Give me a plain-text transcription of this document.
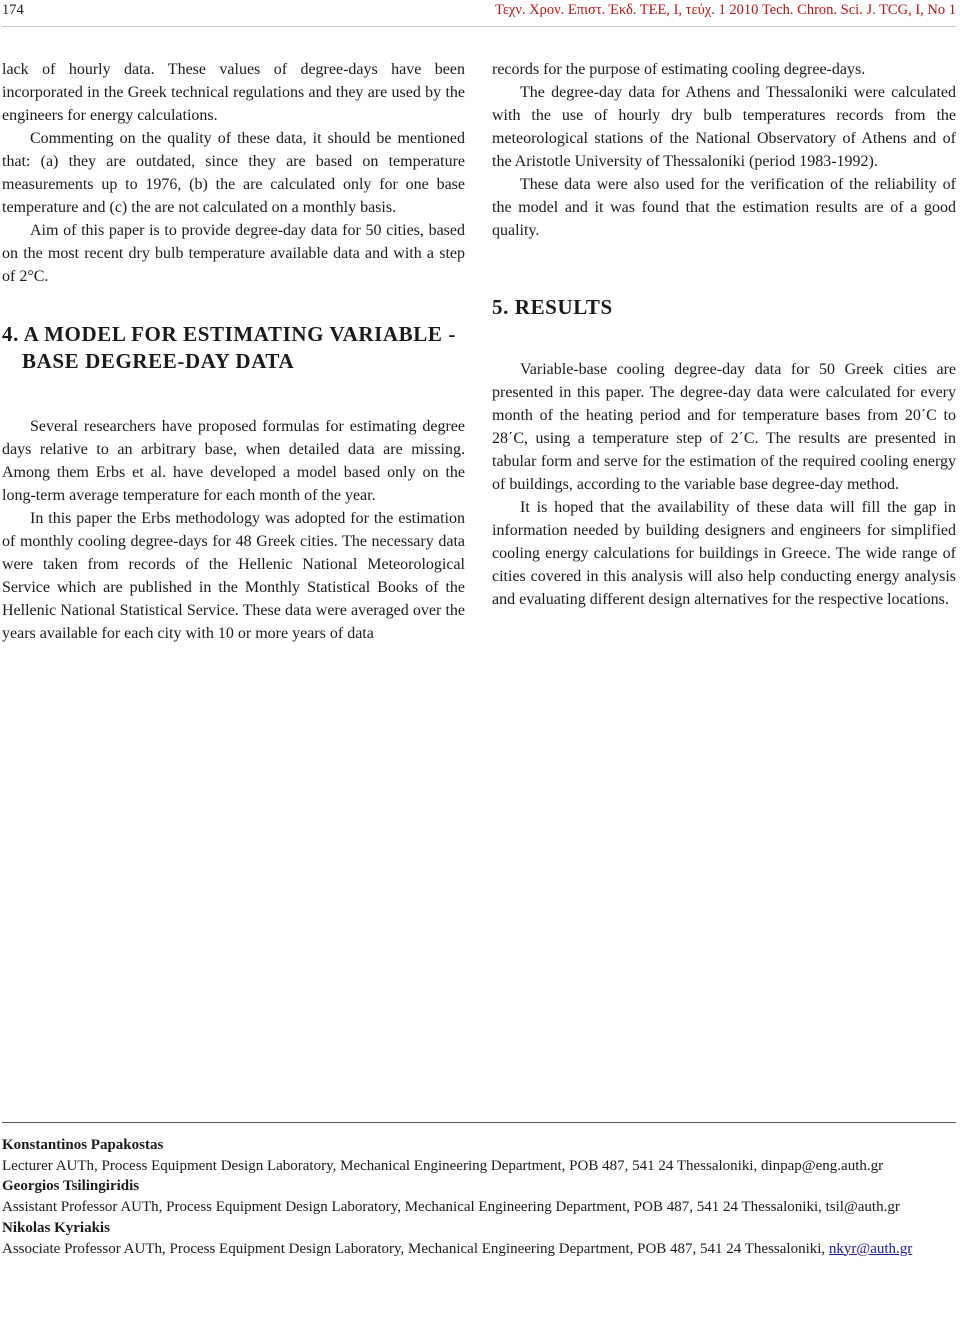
174	Τεχν. Χρον. Επιστ. Έκδ. ΤΕΕ, Ι, τεύχ. 1 2010 Tech. Chron. Sci. J. TCG, I, No 1

lack of hourly data. These values of degree-days have been incorporated in the Greek technical regulations and they are used by the engineers for energy calculations.

Commenting on the quality of these data, it should be mentioned that: (a) they are outdated, since they are based on temperature measurements up to 1976, (b) the are calculated only for one base temperature and (c) the are not calculated on a monthly basis.

Aim of this paper is to provide degree-day data for 50 cities, based on the most recent dry bulb temperature available data and with a step of 2°C.

4. A MODEL FOR ESTIMATING VARIABLE -BASE DEGREE-DAY DATA

Several researchers have proposed formulas for estimating degree days relative to an arbitrary base, when detailed data are missing. Among them Erbs et al. have developed a model based only on the long-term average temperature for each month of the year.

In this paper the Erbs methodology was adopted for the estimation of monthly cooling degree-days for 48 Greek cities. The necessary data were taken from records of the Hellenic National Meteorological Service which are published in the Monthly Statistical Books of the Hellenic National Statistical Service. These data were averaged over the years available for each city with 10 or more years of data

records for the purpose of estimating cooling degree-days.

The degree-day data for Athens and Thessaloniki were calculated with the use of hourly dry bulb temperatures records from the meteorological stations of the National Observatory of Athens and of the Aristotle University of Thessaloniki (period 1983-1992).

These data were also used for the verification of the reliability of the model and it was found that the estimation results are of a good quality.

5. RESULTS

Variable-base cooling degree-day data for 50 Greek cities are presented in this paper. The degree-day data were calculated for every month of the heating period and for temperature bases from 20΄C to 28΄C, using a temperature step of 2΄C. The results are presented in tabular form and serve for the estimation of the required cooling energy of buildings, according to the variable base degree-day method.

It is hoped that the availability of these data will fill the gap in information needed by building designers and engineers for simplified cooling energy calculations for buildings in Greece. The wide range of cities covered in this analysis will also help conducting energy analysis and evaluating different design alternatives for the respective locations.

Konstantinos Papakostas
Lecturer AUTh, Process Equipment Design Laboratory, Mechanical Engineering Department, POB 487, 541 24 Thessaloniki, dinpap@eng.auth.gr
Georgios Tsilingiridis
Assistant Professor AUTh, Process Equipment Design Laboratory, Mechanical Engineering Department, POB 487, 541 24 Thessaloniki, tsil@auth.gr
Nikolas Kyriakis
Associate Professor AUTh, Process Equipment Design Laboratory, Mechanical Engineering Department, POB 487, 541 24 Thessaloniki, nkyr@auth.gr
